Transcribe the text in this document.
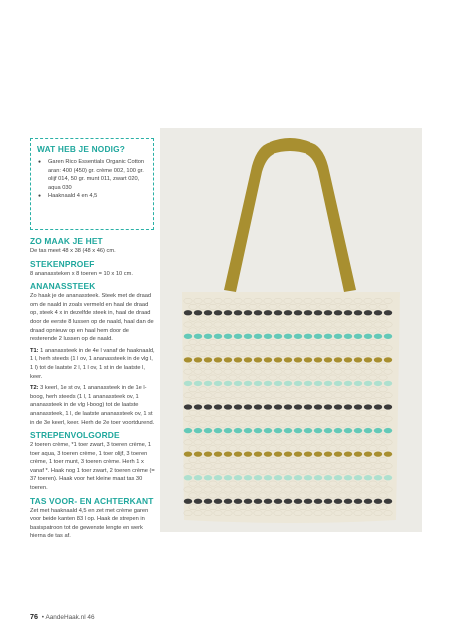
WAT HEB JE NODIG?

● Garen Rico Essentials Organic Cotton aran: 400 (450) gr. crème 002, 100 gr. olijf 014, 50 gr. munt 011, zwart 020, aqua 030
● Haaknaald 4 en 4,5

ZO MAAK JE HET

De tas meet 48 x 38 (48 x 46) cm.

STEKENPROEF

8 ananassteken x 8 toeren = 10 x 10 cm.

ANANASSTEEK

Zo haak je de ananassteek. Steek met de draad om de naald in zoals vermeld en haal de draad op, steek 4 x in dezelfde steek in, haal de draad door de eerste 8 lussen op de naald, haal dan de draad opnieuw op en haal hem door de resterende 2 lussen op de naald.

T1: 1 ananassteek in de 4e l vanaf de haaknaald, 1 l, herh steeds (1 l ov, 1 ananassteek in de vlg l, 1 l) tot de laatste 2 l, 1 l ov, 1 st in de laatste l, keer.

T2: 3 keerl, 1e st ov, 1 ananassteek in de 1e l-boog, herh steeds (1 l, 1 ananassteek ov, 1 ananassteek in de vlg l-boog) tot de laatste ananassteek, 1 l, de laatste ananassteek ov, 1 st in de 3e keerl, keer. Herh de 2e toer voortdurend.

STREPENVOLGORDE

2 toeren crème, *1 toer zwart, 3 toeren crème, 1 toer aqua, 3 toeren crème, 1 toer olijf, 3 toeren crème, 1 toer munt, 3 toeren crème. Herh 1 x vanaf *. Haak nog 1 toer zwart, 2 toeren crème (= 37 toeren). Haak voor het kleine maat tas 30 toeren.

TAS VOOR- EN ACHTERKANT

Zet met haaknaald 4,5 en zet met crème garen voor beide kanten 83 l op. Haak de strepen in basispatroon tot de gewenste lengte en werk hierna de tas af.

76 • AandeHaak.nl 46
